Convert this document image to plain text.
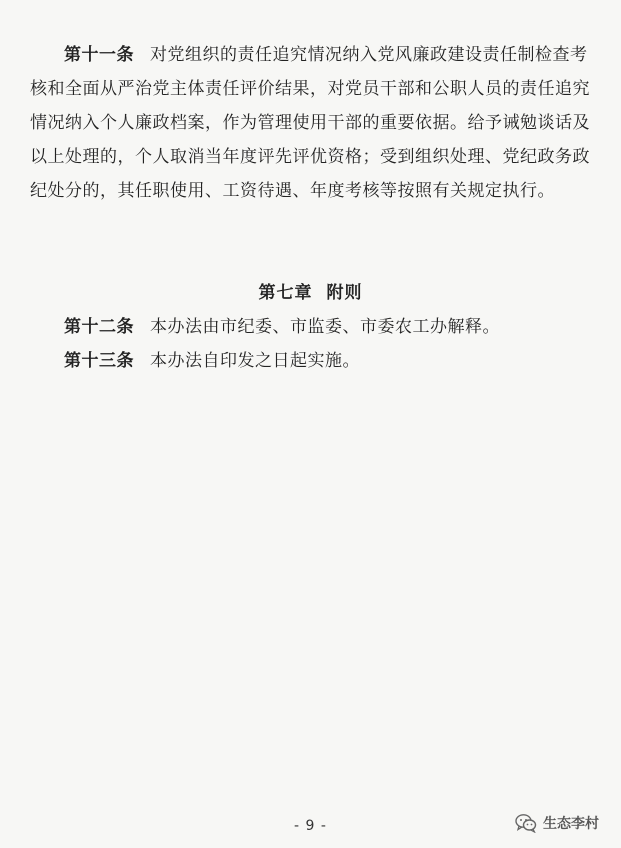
第十一条 对党组织的责任追究情况纳入党风廉政建设责任制检查考核和全面从严治党主体责任评价结果，对党员干部和公职人员的责任追究情况纳入个人廉政档案，作为管理使用干部的重要依据。给予诫勉谈话及以上处理的，个人取消当年度评先评优资格；受到组织处理、党纪政务政纪处分的，其任职使用、工资待遇、年度考核等按照有关规定执行。

第七章 附则
第十二条 本办法由市纪委、市监委、市委农工办解释。
第十三条 本办法自印发之日起实施。
- 9 -	生态李村
